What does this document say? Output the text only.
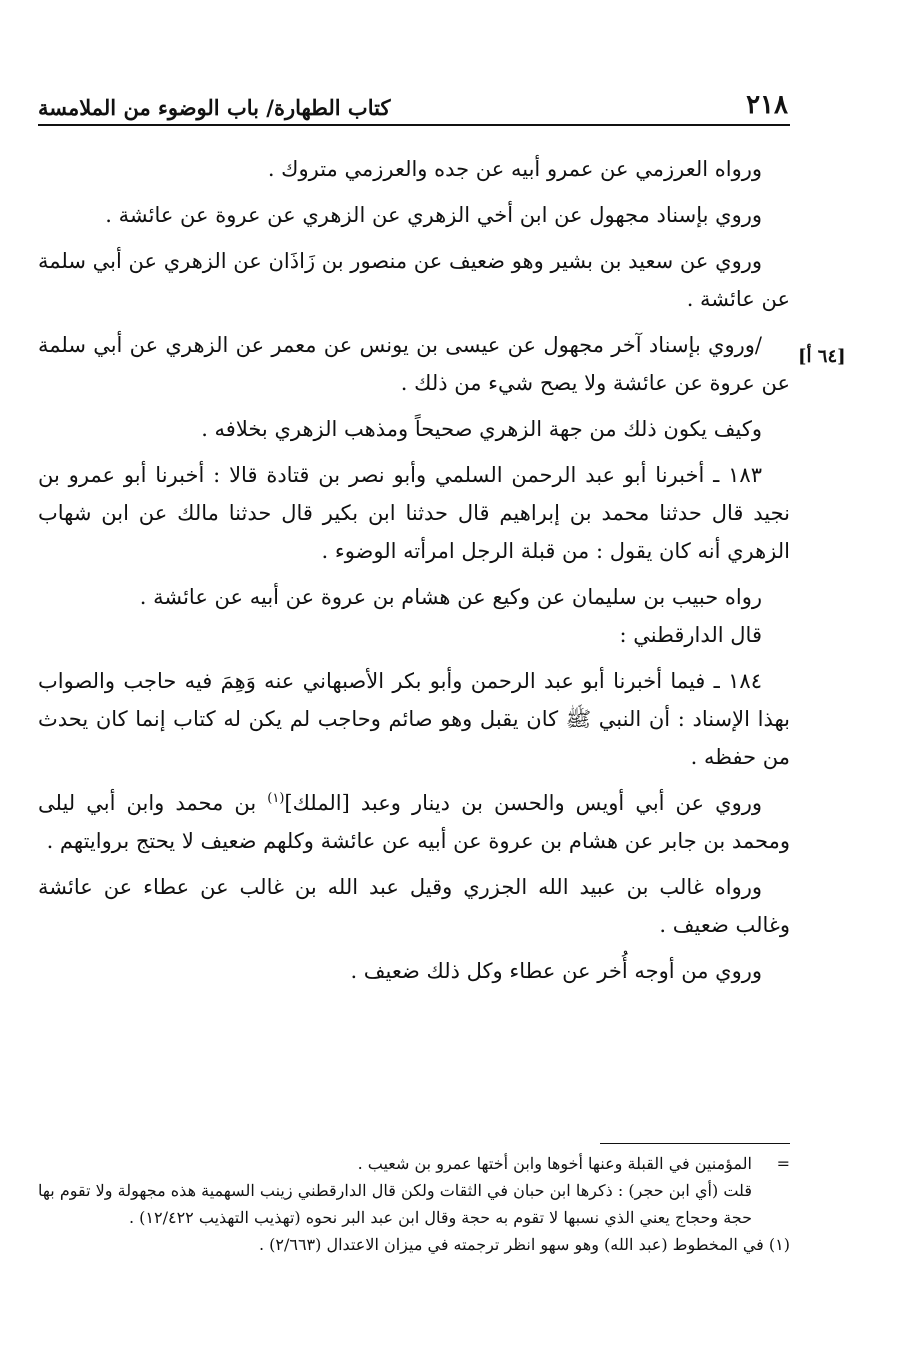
٢١٨
كتاب الطهارة/ باب الوضوء من الملامسة
[٦٤ أ]

ورواه العرزمي عن عمرو أبيه عن جده والعرزمي متروك .

وروي بإسناد مجهول عن ابن أخي الزهري عن الزهري عن عروة عن عائشة .

وروي عن سعيد بن بشير وهو ضعيف عن منصور بن زَاذَان عن الزهري عن أبي سلمة عن عائشة .

/وروي بإسناد آخر مجهول عن عيسى بن يونس عن معمر عن الزهري عن أبي سلمة عن عروة عن عائشة ولا يصح شيء من ذلك .

وكيف يكون ذلك من جهة الزهري صحيحاً ومذهب الزهري بخلافه .

١٨٣ ـ أخبرنا أبو عبد الرحمن السلمي وأبو نصر بن قتادة قالا : أخبرنا أبو عمرو بن نجيد قال حدثنا محمد بن إبراهيم قال حدثنا ابن بكير قال حدثنا مالك عن ابن شهاب الزهري أنه كان يقول : من قبلة الرجل امرأته الوضوء .

رواه حبيب بن سليمان عن وكيع عن هشام بن عروة عن أبيه عن عائشة .

قال الدارقطني :

١٨٤ ـ فيما أخبرنا أبو عبد الرحمن وأبو بكر الأصبهاني عنه وَهِمَ فيه حاجب والصواب بهذا الإسناد : أن النبي ﷺ كان يقبل وهو صائم وحاجب لم يكن له كتاب إنما كان يحدث من حفظه .

وروي عن أبي أويس والحسن بن دينار وعبد [الملك]$^{(١)}$ بن محمد وابن أبي ليلى ومحمد بن جابر عن هشام بن عروة عن أبيه عن عائشة وكلهم ضعيف لا يحتج بروايتهم .

ورواه غالب بن عبيد الله الجزري وقيل عبد الله بن غالب عن عطاء عن عائشة وغالب ضعيف .

وروي من أوجه أُخر عن عطاء وكل ذلك ضعيف .

=

المؤمنين في القبلة وعنها أخوها وابن أختها عمرو بن شعيب .

قلت (أي ابن حجر) : ذكرها ابن حبان في الثقات ولكن قال الدارقطني زينب السهمية هذه مجهولة ولا تقوم بها حجة وحجاج يعني الذي نسبها لا تقوم به حجة وقال ابن عبد البر نحوه (تهذيب التهذيب ١٢/٤٢٢) .

(١) في المخطوط (عبد الله) وهو سهو انظر ترجمته في ميزان الاعتدال (٢/٦٦٣) .
